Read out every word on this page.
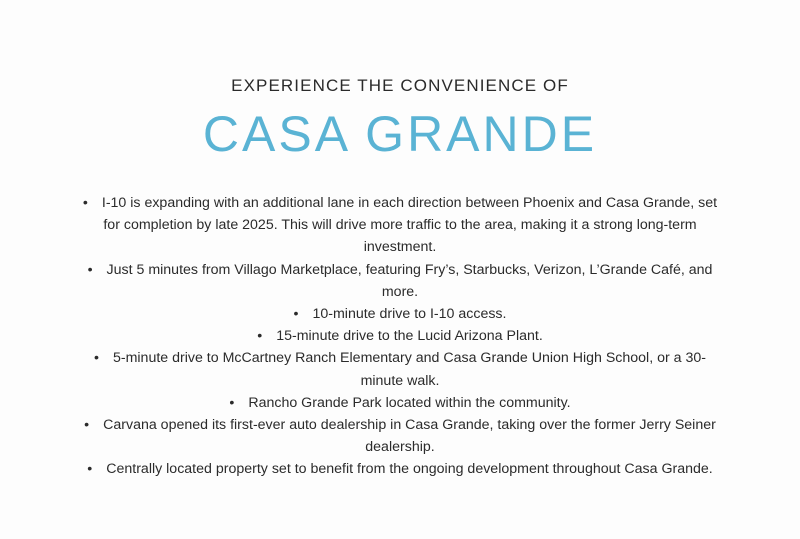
EXPERIENCE THE CONVENIENCE OF
CASA GRANDE
• I-10 is expanding with an additional lane in each direction between Phoenix and Casa Grande, set for completion by late 2025. This will drive more traffic to the area, making it a strong long-term investment.
• Just 5 minutes from Villago Marketplace, featuring Fry’s, Starbucks, Verizon, L’Grande Café, and more.
• 10-minute drive to I-10 access.
• 15-minute drive to the Lucid Arizona Plant.
• 5-minute drive to McCartney Ranch Elementary and Casa Grande Union High School, or a 30-minute walk.
• Rancho Grande Park located within the community.
• Carvana opened its first-ever auto dealership in Casa Grande, taking over the former Jerry Seiner dealership.
• Centrally located property set to benefit from the ongoing development throughout Casa Grande.
